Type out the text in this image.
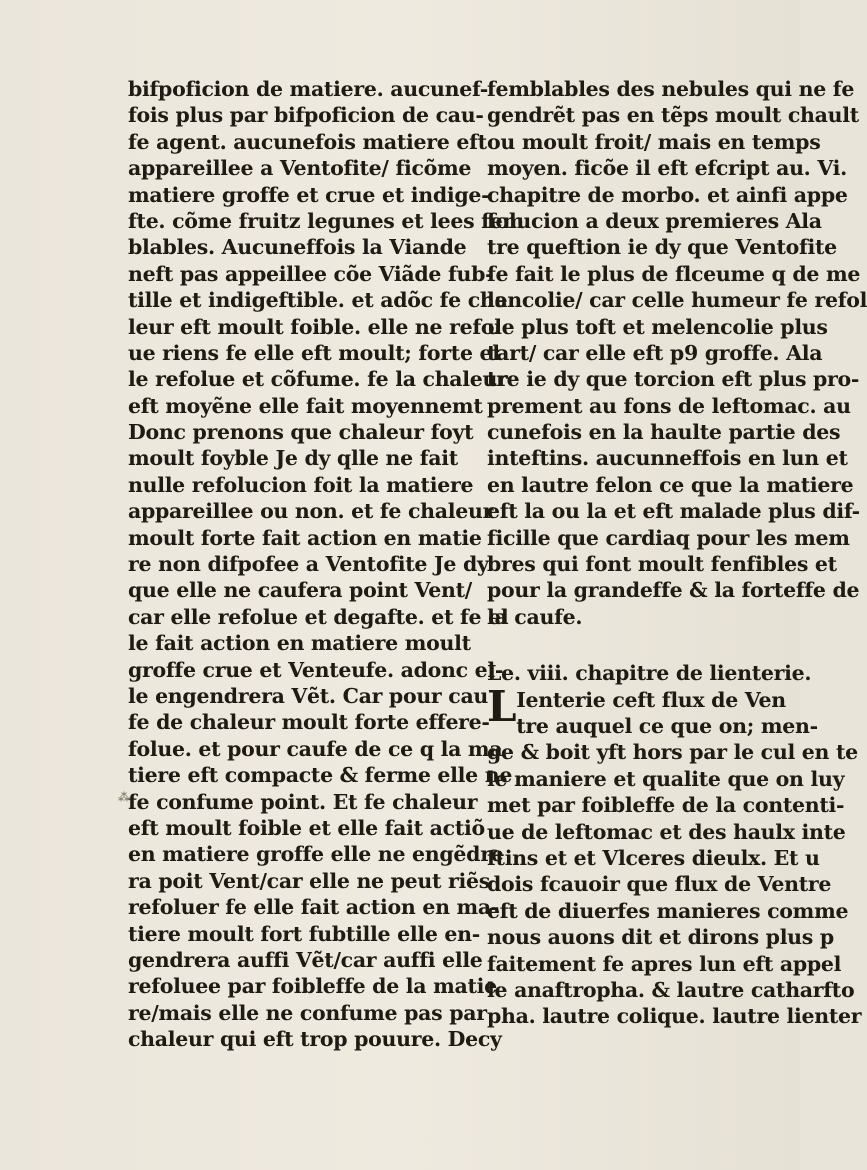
bifpoficion de matiere. aucunef-
fois plus par bifpoficion de cau-
fe agent. aucunefois matiere eft
appareillee a Ventofite/ ficõme
matiere groffe et crue et indige-
fte. cõme fruitz legunes et lees fem
blables. Aucuneffois la Viande
neft pas appeillee cõe Viãde fub-
tille et indigeftible. et adõc fe cha
leur eft moult foible. elle ne refol
ue riens fe elle eft moult; forte el
le refolue et cõfume. fe la chaleur
eft moyẽne elle fait moyennemt
Donc prenons que chaleur foyt
moult foyble Je dy qlle ne fait
nulle refolucion foit la matiere
appareillee ou non. et fe chaleur
moult forte fait action en matie
re non difpofee a Ventofite Je dy
que elle ne caufera point Vent/
car elle refolue et degafte. et fe el
le fait action en matiere moult
groffe crue et Venteufe. adonc el-
le engendrera Vẽt. Car pour cau
fe de chaleur moult forte effere-
folue. et pour caufe de ce q la ma
tiere eft compacte & ferme elle ne
fe confume point. Et fe chaleur
eft moult foible et elle fait actiõ
en matiere groffe elle ne engẽdre
ra poit Vent/car elle ne peut riẽs
refoluer fe elle fait action en ma-
tiere moult fort fubtille elle en-
gendrera auffi Vẽt/car auffi elle
refoluee par foibleffe de la matie
re/mais elle ne confume pas par
chaleur qui eft trop pouure. Decy
femblables des nebules qui ne fe
gendrẽt pas en tẽps moult chault
ou moult froit/ mais en temps
moyen. ficõe il eft efcript au. Vi.
chapitre de morbo. et ainfi appe
folucion a deux premieres Ala
tre queftion ie dy que Ventofite
fe fait le plus de flceume q de me
lencolie/ car celle humeur fe refol
ue plus toft et melencolie plus
tart/ car elle eft p9 groffe. Ala
tre ie dy que torcion eft plus pro-
prement au fons de leftomac. au
cunefois en la haulte partie des
inteftins. aucunneffois en lun et
en lautre felon ce que la matiere
eft la ou la et eft malade plus dif-
ficille que cardiaq pour les mem
bres qui font moult fenfibles et
pour la grandeffe & la forteffe de
la caufe.
Le. viii. chapitre de lienterie.
L Ienterie ceft flux de Ven
tre auquel ce que on; men-
ge & boit yft hors par le cul en te
le maniere et qualite que on luy
met par foibleffe de la contenti-
ue de leftomac et des haulx inte
ftins et et Vlceres dieulx. Et u
dois fcauoir que flux de Ventre
eft de diuerfes manieres comme
nous auons dit et dirons plus p
faitement fe apres lun eft appel
le anaftropha. & lautre catharfto
pha. lautre colique. lautre lienter
⁂
